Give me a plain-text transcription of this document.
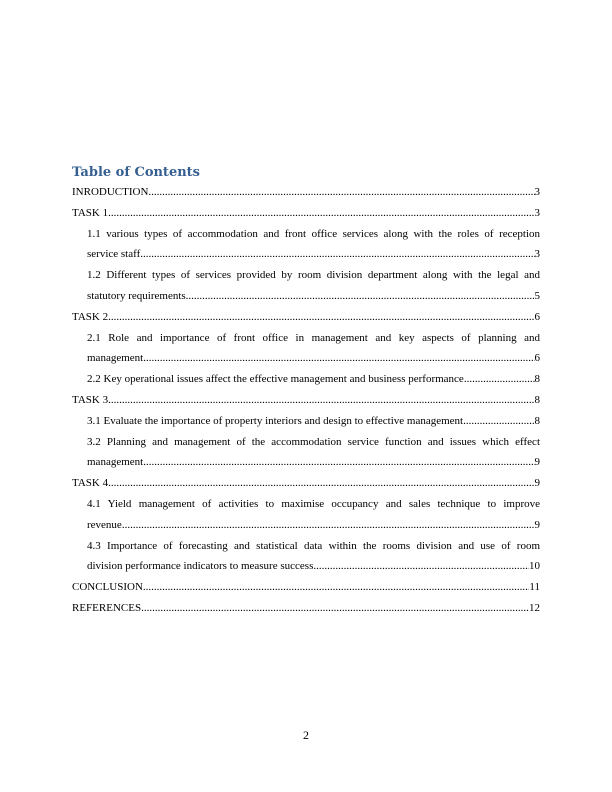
Table of Contents
INRODUCTION .....	3
TASK 1 .....	3
1.1 various types of accommodation and front office services along with the roles of reception
service staff .....	3
1.2 Different types of services provided by room division department along with the legal and
statutory requirements .....	5
TASK 2 .....	6
2.1 Role and importance of front office in management and key aspects of planning and
management .....	6
2.2 Key operational issues affect the effective management and business performance .....	8
TASK 3 .....	8
3.1 Evaluate the importance of property interiors and design to effective management .....	8
3.2 Planning and management of the accommodation service function and issues which effect
management .....	9
TASK 4 .....	9
4.1 Yield management of activities to maximise occupancy and sales technique to improve
revenue .....	9
4.3 Importance of forecasting and statistical data within the rooms division and use of room
division performance indicators to measure success .....	10
CONCLUSION .....	11
REFERENCES .....	12
2
